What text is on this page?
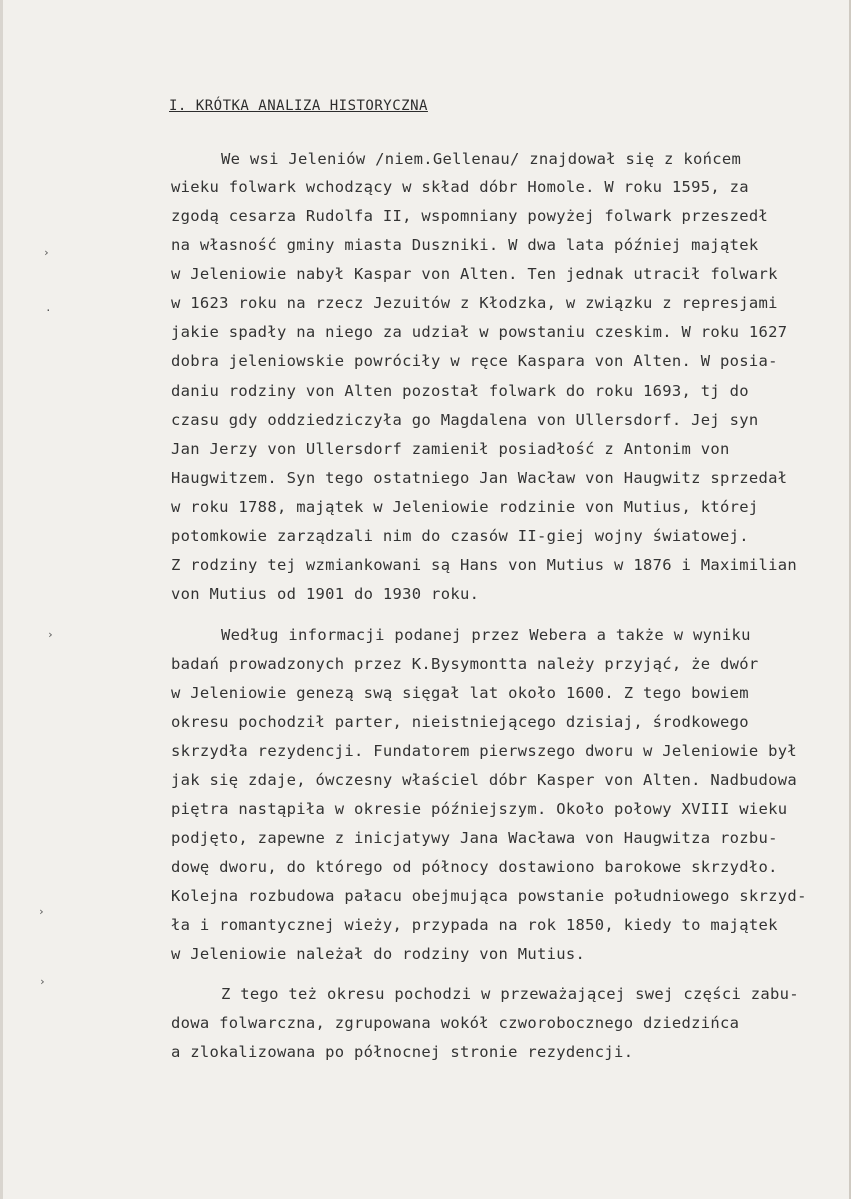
I. KRÓTKA ANALIZA HISTORYCZNA
We wsi Jeleniów /niem.Gellenau/ znajdował się z końcem
wieku folwark wchodzący w skład dóbr Homole. W roku 1595, za
zgodą cesarza Rudolfa II, wspomniany powyżej folwark przeszedł
na własność gminy miasta Duszniki. W dwa lata później majątek
w Jeleniowie nabył Kaspar von Alten. Ten jednak utracił folwark
w 1623 roku na rzecz Jezuitów z Kłodzka, w związku z represjami
jakie spadły na niego za udział w powstaniu czeskim. W roku 1627
dobra jeleniowskie powróciły w ręce Kaspara von Alten. W posia-
daniu rodziny von Alten pozostał folwark do roku 1693, tj do
czasu gdy oddziedziczyła go Magdalena von Ullersdorf. Jej syn
Jan Jerzy von Ullersdorf zamienił posiadłość z Antonim von
Haugwitzem. Syn tego ostatniego Jan Wacław von Haugwitz sprzedał
w roku 1788, majątek w Jeleniowie rodzinie von Mutius, której
potomkowie zarządzali nim do czasów II-giej wojny światowej.
Z rodziny tej wzmiankowani są Hans von Mutius w 1876 i Maximilian
von Mutius od 1901 do 1930 roku.
Według informacji podanej przez Webera a także w wyniku
badań prowadzonych przez K.Bysymontta należy przyjąć, że dwór
w Jeleniowie genezą swą sięgał lat około 1600. Z tego bowiem
okresu pochodził parter, nieistniejącego dzisiaj, środkowego
skrzydła rezydencji. Fundatorem pierwszego dworu w Jeleniowie był
jak się zdaje, ówczesny właściel dóbr Kasper von Alten. Nadbudowa
piętra nastąpiła w okresie późniejszym. Około połowy XVIII wieku
podjęto, zapewne z inicjatywy Jana Wacława von Haugwitza rozbu-
dowę dworu, do którego od północy dostawiono barokowe skrzydło.
Kolejna rozbudowa pałacu obejmująca powstanie południowego skrzyd-
ła i romantycznej wieży, przypada na rok 1850, kiedy to majątek
w Jeleniowie należał do rodziny von Mutius.
Z tego też okresu pochodzi w przeważającej swej części zabu-
dowa folwarczna, zgrupowana wokół czworobocznego dziedzińca
a zlokalizowana po północnej stronie rezydencji.
›
·
›
›
›
